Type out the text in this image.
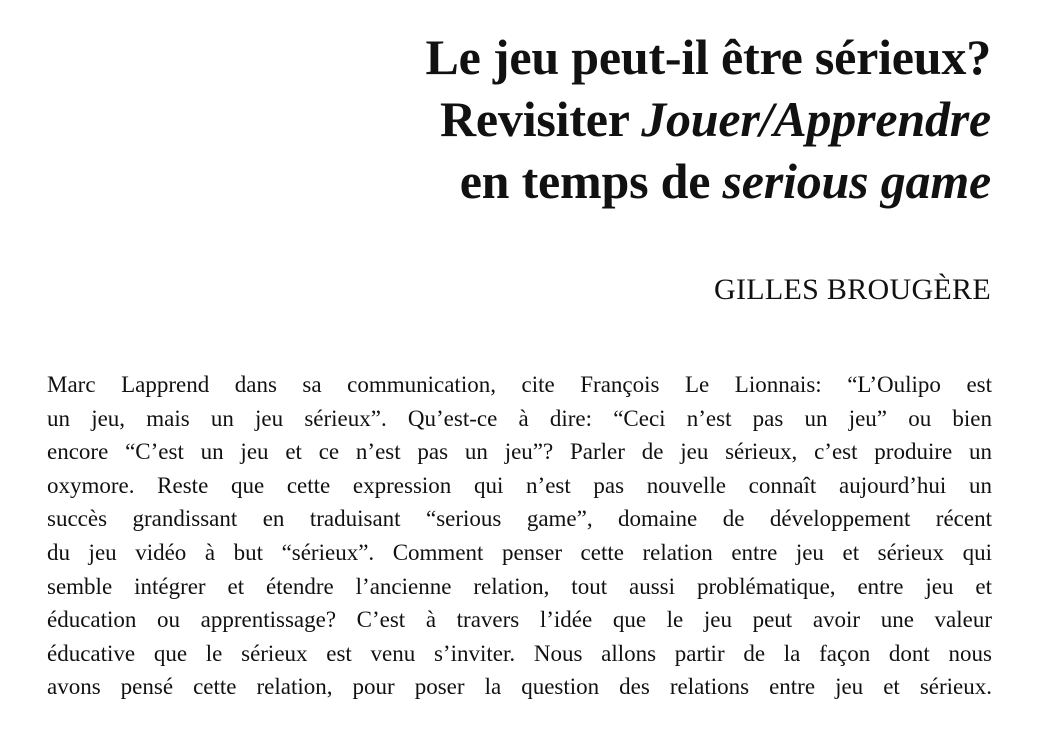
Le jeu peut-il être sérieux?
Revisiter Jouer/Apprendre
en temps de serious game

GILLES BROUGÈRE

Marc Lapprend dans sa communication, cite François Le Lionnais: “L’Oulipo est
un jeu, mais un jeu sérieux”. Qu’est-ce à dire: “Ceci n’est pas un jeu” ou bien
encore “C’est un jeu et ce n’est pas un jeu”? Parler de jeu sérieux, c’est produire un
oxymore. Reste que cette expression qui n’est pas nouvelle connaît aujourd’hui un
succès grandissant en traduisant “serious game”, domaine de développement récent
du jeu vidéo à but “sérieux”. Comment penser cette relation entre jeu et sérieux qui
semble intégrer et étendre l’ancienne relation, tout aussi problématique, entre jeu et
éducation ou apprentissage? C’est à travers l’idée que le jeu peut avoir une valeur
éducative que le sérieux est venu s’inviter. Nous allons partir de la façon dont nous
avons pensé cette relation, pour poser la question des relations entre jeu et sérieux.
